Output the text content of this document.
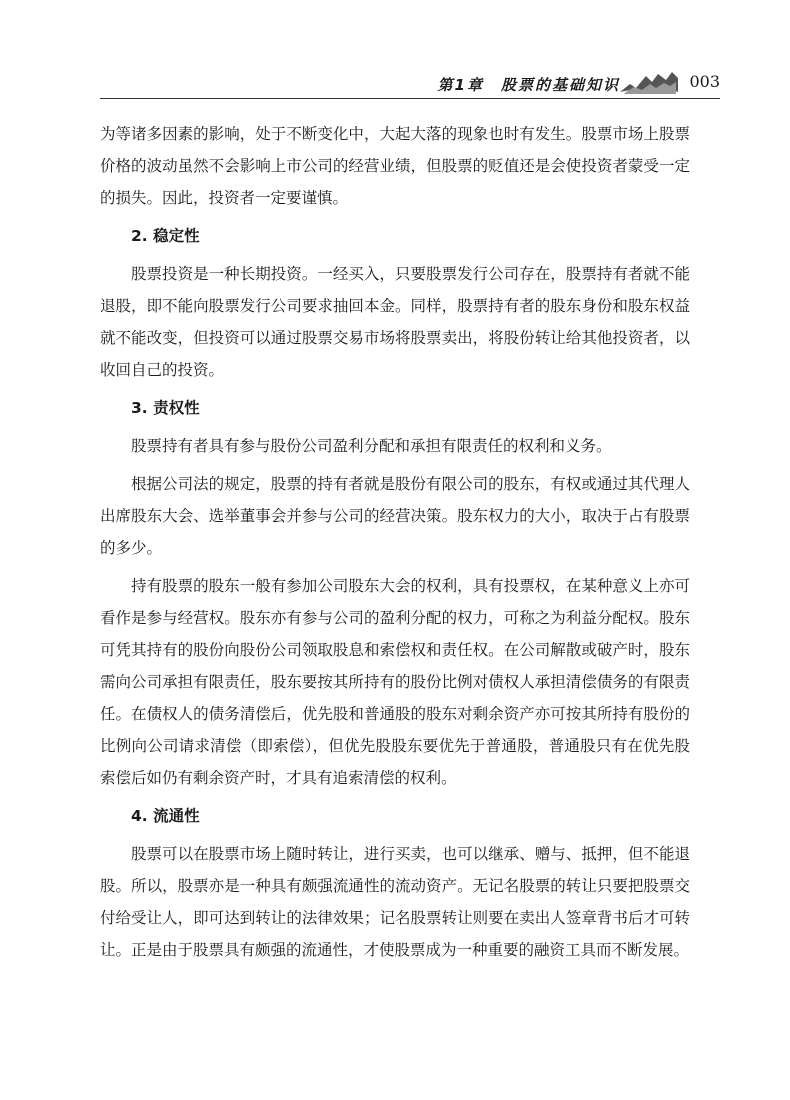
第1章　股票的基础知识	003

为等诸多因素的影响，处于不断变化中，大起大落的现象也时有发生。股票市场上股票价格的波动虽然不会影响上市公司的经营业绩，但股票的贬值还是会使投资者蒙受一定的损失。因此，投资者一定要谨慎。

2. 稳定性

股票投资是一种长期投资。一经买入，只要股票发行公司存在，股票持有者就不能退股，即不能向股票发行公司要求抽回本金。同样，股票持有者的股东身份和股东权益就不能改变，但投资可以通过股票交易市场将股票卖出，将股份转让给其他投资者，以收回自己的投资。

3. 责权性

股票持有者具有参与股份公司盈利分配和承担有限责任的权利和义务。

根据公司法的规定，股票的持有者就是股份有限公司的股东，有权或通过其代理人出席股东大会、选举董事会并参与公司的经营决策。股东权力的大小，取决于占有股票的多少。

持有股票的股东一般有参加公司股东大会的权利，具有投票权，在某种意义上亦可看作是参与经营权。股东亦有参与公司的盈利分配的权力，可称之为利益分配权。股东可凭其持有的股份向股份公司领取股息和索偿权和责任权。在公司解散或破产时，股东需向公司承担有限责任，股东要按其所持有的股份比例对债权人承担清偿债务的有限责任。在债权人的债务清偿后，优先股和普通股的股东对剩余资产亦可按其所持有股份的比例向公司请求清偿（即索偿），但优先股股东要优先于普通股，普通股只有在优先股索偿后如仍有剩余资产时，才具有追索清偿的权利。

4. 流通性

股票可以在股票市场上随时转让，进行买卖，也可以继承、赠与、抵押，但不能退股。所以，股票亦是一种具有颇强流通性的流动资产。无记名股票的转让只要把股票交付给受让人，即可达到转让的法律效果；记名股票转让则要在卖出人签章背书后才可转让。正是由于股票具有颇强的流通性，才使股票成为一种重要的融资工具而不断发展。
